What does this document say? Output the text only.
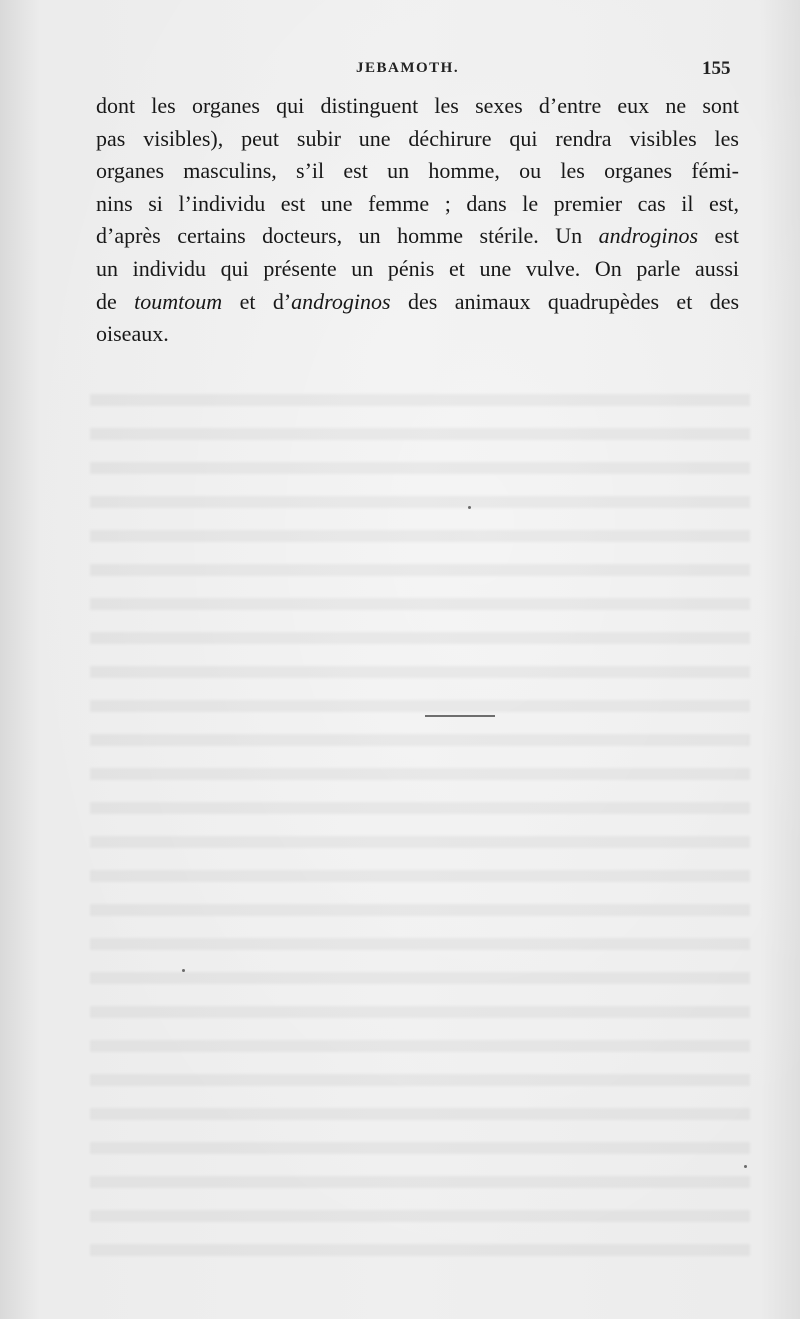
JEBAMOTH.	155
dont les organes qui distinguent les sexes d’entre eux ne sont
pas visibles), peut subir une déchirure qui rendra visibles les
organes masculins, s’il est un homme, ou les organes fémi-
nins si l’individu est une femme ; dans le premier cas il est,
d’après certains docteurs, un homme stérile. Un androginos est
un individu qui présente un pénis et une vulve. On parle aussi
de toumtoum et d’androginos des animaux quadrupèdes et des
oiseaux.
